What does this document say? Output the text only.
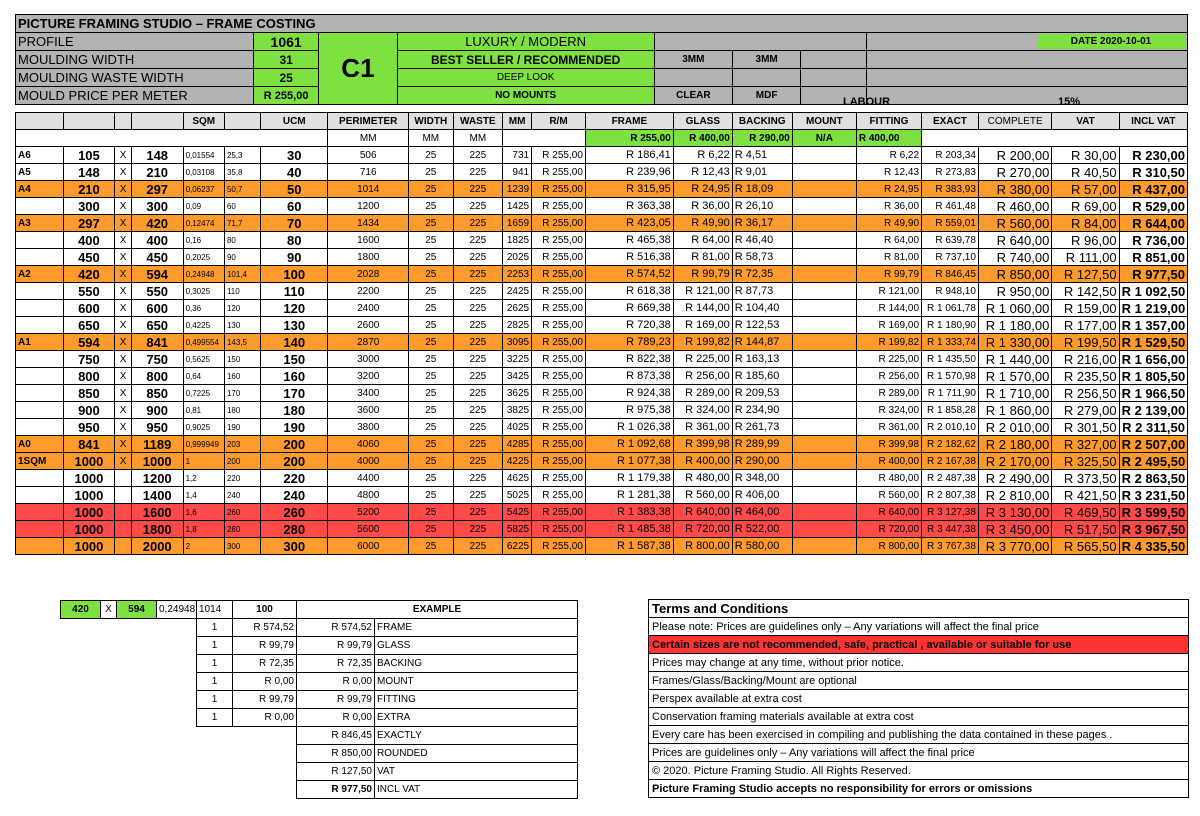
PICTURE FRAMING STUDIO – FRAME COSTING							
PROFILE	1061	C1	LUXURY / MODERN				DATE 2020-10-01

MOULDING WIDTH	31		BEST SELLER / RECOMMENDED	3MM	3MM		
MOULDING WASTE WIDTH	25		DEEP LOOK				
MOULD PRICE PER METER	R 255,00		NO MOUNTS	CLEAR	MDF		
LABOUR	15%
				SQM		UCM	PERIMETER	WIDTH	WASTE	MM	R/M	FRAME	GLASS	BACKING	MOUNT	FITTING	EXACT	COMPLETE	VAT	INCL VAT
							MM	MM	MM			R 255,00	R 400,00	R 290,00	N/A	R 400,00				
A6	105	X	148	0,01554	25,3	30	506	25	225	731	R 255,00	R 186,41	R 6,22	R 4,51		R 6,22	R 203,34	R 200,00	R 30,00	R 230,00
A5	148	X	210	0,03108	35,8	40	716	25	225	941	R 255,00	R 239,96	R 12,43	R 9,01		R 12,43	R 273,83	R 270,00	R 40,50	R 310,50
A4	210	X	297	0,06237	50,7	50	1014	25	225	1239	R 255,00	R 315,95	R 24,95	R 18,09		R 24,95	R 383,93	R 380,00	R 57,00	R 437,00
	300	X	300	0,09	60	60	1200	25	225	1425	R 255,00	R 363,38	R 36,00	R 26,10		R 36,00	R 461,48	R 460,00	R 69,00	R 529,00
A3	297	X	420	0,12474	71,7	70	1434	25	225	1659	R 255,00	R 423,05	R 49,90	R 36,17		R 49,90	R 559,01	R 560,00	R 84,00	R 644,00
	400	X	400	0,16	80	80	1600	25	225	1825	R 255,00	R 465,38	R 64,00	R 46,40		R 64,00	R 639,78	R 640,00	R 96,00	R 736,00
	450	X	450	0,2025	90	90	1800	25	225	2025	R 255,00	R 516,38	R 81,00	R 58,73		R 81,00	R 737,10	R 740,00	R 111,00	R 851,00
A2	420	X	594	0,24948	101,4	100	2028	25	225	2253	R 255,00	R 574,52	R 99,79	R 72,35		R 99,79	R 846,45	R 850,00	R 127,50	R 977,50
	550	X	550	0,3025	110	110	2200	25	225	2425	R 255,00	R 618,38	R 121,00	R 87,73		R 121,00	R 948,10	R 950,00	R 142,50	R 1 092,50
	600	X	600	0,36	120	120	2400	25	225	2625	R 255,00	R 669,38	R 144,00	R 104,40		R 144,00	R 1 061,78	R 1 060,00	R 159,00	R 1 219,00
	650	X	650	0,4225	130	130	2600	25	225	2825	R 255,00	R 720,38	R 169,00	R 122,53		R 169,00	R 1 180,90	R 1 180,00	R 177,00	R 1 357,00
A1	594	X	841	0,499554	143,5	140	2870	25	225	3095	R 255,00	R 789,23	R 199,82	R 144,87		R 199,82	R 1 333,74	R 1 330,00	R 199,50	R 1 529,50
	750	X	750	0,5625	150	150	3000	25	225	3225	R 255,00	R 822,38	R 225,00	R 163,13		R 225,00	R 1 435,50	R 1 440,00	R 216,00	R 1 656,00
	800	X	800	0,64	160	160	3200	25	225	3425	R 255,00	R 873,38	R 256,00	R 185,60		R 256,00	R 1 570,98	R 1 570,00	R 235,50	R 1 805,50
	850	X	850	0,7225	170	170	3400	25	225	3625	R 255,00	R 924,38	R 289,00	R 209,53		R 289,00	R 1 711,90	R 1 710,00	R 256,50	R 1 966,50
	900	X	900	0,81	180	180	3600	25	225	3825	R 255,00	R 975,38	R 324,00	R 234,90		R 324,00	R 1 858,28	R 1 860,00	R 279,00	R 2 139,00
	950	X	950	0,9025	190	190	3800	25	225	4025	R 255,00	R 1 026,38	R 361,00	R 261,73		R 361,00	R 2 010,10	R 2 010,00	R 301,50	R 2 311,50
A0	841	X	1189	0,999949	203	200	4060	25	225	4285	R 255,00	R 1 092,68	R 399,98	R 289,99		R 399,98	R 2 182,62	R 2 180,00	R 327,00	R 2 507,00
1SQM	1000	X	1000	1	200	200	4000	25	225	4225	R 255,00	R 1 077,38	R 400,00	R 290,00		R 400,00	R 2 167,38	R 2 170,00	R 325,50	R 2 495,50
	1000		1200	1,2	220	220	4400	25	225	4625	R 255,00	R 1 179,38	R 480,00	R 348,00		R 480,00	R 2 487,38	R 2 490,00	R 373,50	R 2 863,50
	1000		1400	1,4	240	240	4800	25	225	5025	R 255,00	R 1 281,38	R 560,00	R 406,00		R 560,00	R 2 807,38	R 2 810,00	R 421,50	R 3 231,50
	1000		1600	1,6	260	260	5200	25	225	5425	R 255,00	R 1 383,38	R 640,00	R 464,00		R 640,00	R 3 127,38	R 3 130,00	R 469,50	R 3 599,50
	1000		1800	1,8	280	280	5600	25	225	5825	R 255,00	R 1 485,38	R 720,00	R 522,00		R 720,00	R 3 447,38	R 3 450,00	R 517,50	R 3 967,50
	1000		2000	2	300	300	6000	25	225	6225	R 255,00	R 1 587,38	R 800,00	R 580,00		R 800,00	R 3 767,38	R 3 770,00	R 565,50	R 4 335,50
420	X	594	0,24948	1014	100	EXAMPLE	
				1	R 574,52	R 574,52	FRAME
				1	R 99,79	R 99,79	GLASS
				1	R 72,35	R 72,35	BACKING
				1	R 0,00	R 0,00	MOUNT
				1	R 99,79	R 99,79	FITTING
				1	R 0,00	R 0,00	EXTRA
						R 846,45	EXACTLY
						R 850,00	ROUNDED
						R 127,50	VAT
						R 977,50	INCL VAT
Terms and Conditions
Please note: Prices are guidelines only – Any variations will affect the final price
Certain sizes are not recommended, safe, practical , available or suitable for use
Prices may change at any time, without prior notice.
Frames/Glass/Backing/Mount are optional
Perspex available at extra cost
Conservation framing materials available at extra cost
Every care has been exercised in compiling and publishing the data contained in these pages .
Prices are guidelines only – Any variations will affect the final price
© 2020. Picture Framing Studio. All Rights Reserved.
Picture Framing Studio accepts no responsibility for errors or omissions
